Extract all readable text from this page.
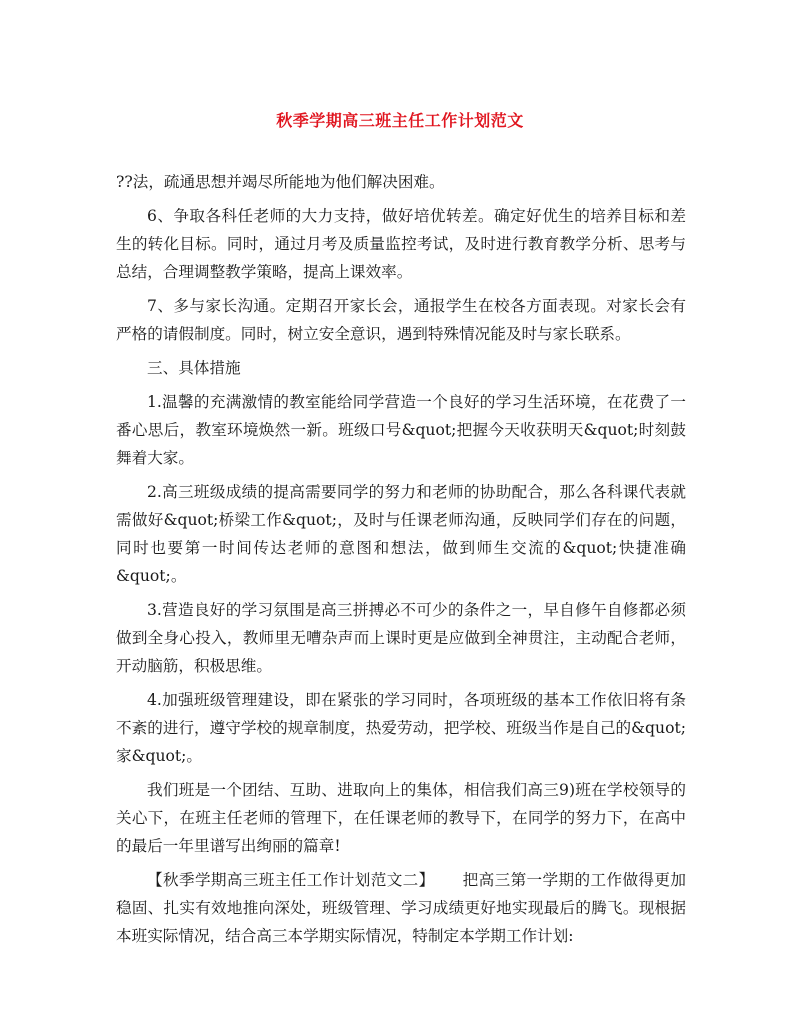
秋季学期高三班主任工作计划范文

??法，疏通思想并竭尽所能地为他们解决困难。

6、争取各科任老师的大力支持，做好培优转差。确定好优生的培养目标和差生的转化目标。同时，通过月考及质量监控考试，及时进行教育教学分析、思考与总结，合理调整教学策略，提高上课效率。

7、多与家长沟通。定期召开家长会，通报学生在校各方面表现。对家长会有严格的请假制度。同时，树立安全意识，遇到特殊情况能及时与家长联系。

三、具体措施

1.温馨的充满激情的教室能给同学营造一个良好的学习生活环境，在花费了一番心思后，教室环境焕然一新。班级口号&quot;把握今天收获明天&quot;时刻鼓舞着大家。

2.高三班级成绩的提高需要同学的努力和老师的协助配合，那么各科课代表就需做好&quot;桥梁工作&quot;，及时与任课老师沟通，反映同学们存在的问题，同时也要第一时间传达老师的意图和想法，做到师生交流的&quot;快捷准确&quot;。

3.营造良好的学习氛围是高三拼搏必不可少的条件之一，早自修午自修都必须做到全身心投入，教师里无嘈杂声而上课时更是应做到全神贯注，主动配合老师，开动脑筋，积极思维。

4.加强班级管理建设，即在紧张的学习同时，各项班级的基本工作依旧将有条不紊的进行，遵守学校的规章制度，热爱劳动，把学校、班级当作是自己的&quot;家&quot;。

我们班是一个团结、互助、进取向上的集体，相信我们高三9)班在学校领导的关心下，在班主任老师的管理下，在任课老师的教导下，在同学的努力下，在高中的最后一年里谱写出绚丽的篇章!

【秋季学期高三班主任工作计划范文二】 把高三第一学期的工作做得更加稳固、扎实有效地推向深处，班级管理、学习成绩更好地实现最后的腾飞。现根据本班实际情况，结合高三本学期实际情况，特制定本学期工作计划:
